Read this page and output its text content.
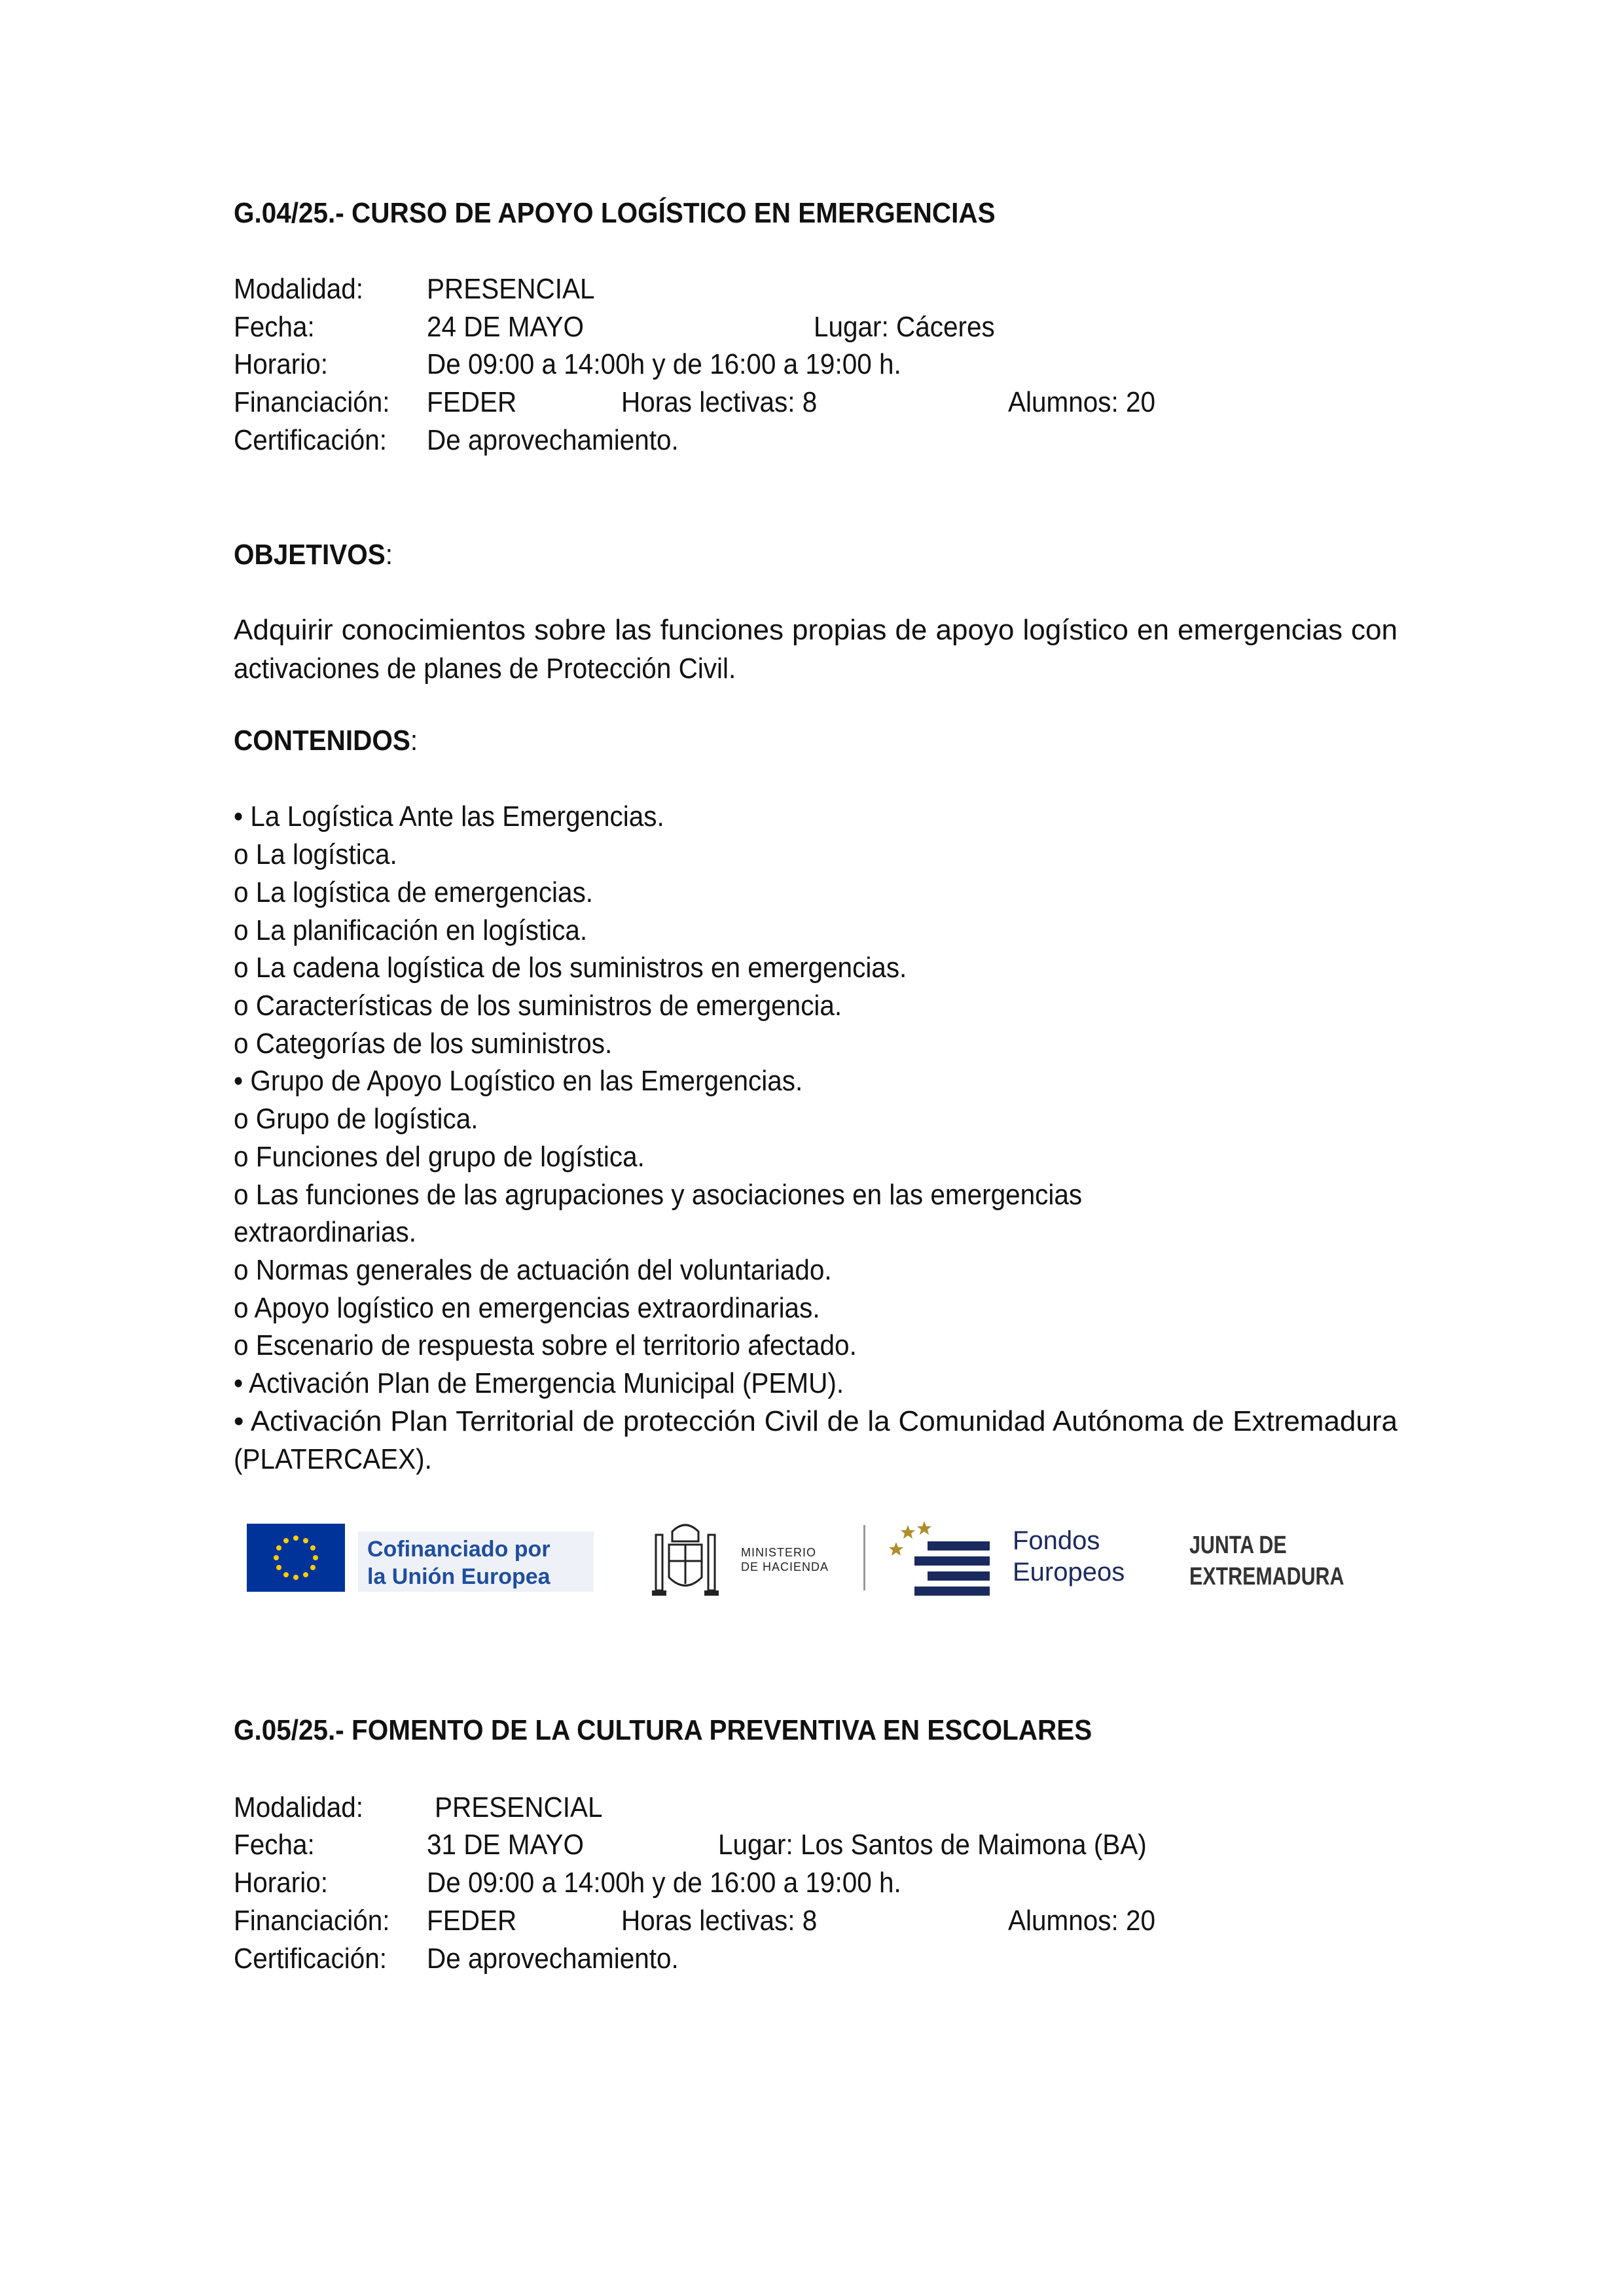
G.04/25.- CURSO DE APOYO LOGÍSTICO EN EMERGENCIAS
Modalidad: PRESENCIAL
Fecha:	24 DE MAYO	Lugar: Cáceres
Horario:	De 09:00 a 14:00h y de 16:00 a 19:00 h.
Financiación: FEDER	Horas lectivas: 8	Alumnos: 20
Certificación: De aprovechamiento.
OBJETIVOS:
Adquirir conocimientos sobre las funciones propias de apoyo logístico en emergencias con
activaciones de planes de Protección Civil.
CONTENIDOS:
• La Logística Ante las Emergencias.
o La logística.
o La logística de emergencias.
o La planificación en logística.
o La cadena logística de los suministros en emergencias.
o Características de los suministros de emergencia.
o Categorías de los suministros.
• Grupo de Apoyo Logístico en las Emergencias.
o Grupo de logística.
o Funciones del grupo de logística.
o Las funciones de las agrupaciones y asociaciones en las emergencias
extraordinarias.
o Normas generales de actuación del voluntariado.
o Apoyo logístico en emergencias extraordinarias.
o Escenario de respuesta sobre el territorio afectado.
• Activación Plan de Emergencia Municipal (PEMU).
• Activación Plan Territorial de protección Civil de la Comunidad Autónoma de Extremadura
(PLATERCAEX).
Cofinanciado por
la Unión Europea
MINISTERIO
DE HACIENDA
Fondos
Europeos
JUNTA DE
EXTREMADURA
G.05/25.- FOMENTO DE LA CULTURA PREVENTIVA EN ESCOLARES
Modalidad: PRESENCIAL
Fecha:	31 DE MAYO	Lugar: Los Santos de Maimona (BA)
Horario:	De 09:00 a 14:00h y de 16:00 a 19:00 h.
Financiación: FEDER	Horas lectivas: 8	Alumnos: 20
Certificación: De aprovechamiento.
